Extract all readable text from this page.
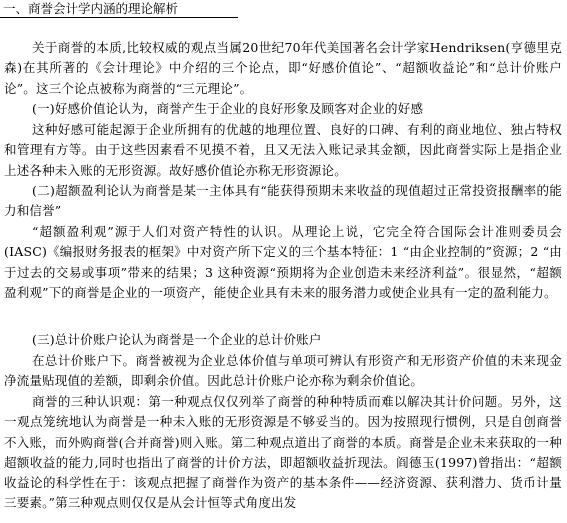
一、商誉会计学内涵的理论解析
关于商誉的本质,比较权威的观点当属20世纪70年代美国著名会计学家Hendriksen(亨德里克森)在其所著的《会计理论》中介绍的三个论点，即“好感价值论”、“超额收益论”和“总计价账户论”。这三个论点被称为商誉的“三元理论”。
(一)好感价值论认为，商誉产生于企业的良好形象及顾客对企业的好感
这种好感可能起源于企业所拥有的优越的地理位置、良好的口碑、有利的商业地位、独占特权和管理有方等。由于这些因素看不见摸不着，且又无法入账记录其金额，因此商誉实际上是指企业上述各种未入账的无形资源。故好感价值论亦称无形资源论。
(二)超额盈利论认为商誉是某一主体具有“能获得预期未来收益的现值超过正常投资报酬率的能力和信誉”
“超额盈利观”源于人们对资产特性的认识。从理论上说，它完全符合国际会计准则委员会(IASC)《编报财务报表的框架》中对资产所下定义的三个基本特征：1 “由企业控制的”资源；2 “由于过去的交易或事项”带来的结果；3 这种资源“预期将为企业创造未来经济利益”。很显然，“超额盈利观”下的商誉是企业的一项资产，能使企业具有未来的服务潜力或使企业具有一定的盈利能力。
(三)总计价账户论认为商誉是一个企业的总计价账户
在总计价账户下。商誉被视为企业总体价值与单项可辨认有形资产和无形资产价值的未来现金净流量贴现值的差额，即剩余价值。因此总计价账户论亦称为剩余价值论。
商誉的三种认识观：第一种观点仅仅列举了商誉的种种特质而难以解决其计价问题。另外，这一观点笼统地认为商誉是一种未入账的无形资源是不够妥当的。因为按照现行惯例，只是自创商誉不入账，而外购商誉(合并商誉)则入账。第二种观点道出了商誉的本质。商誉是企业未来获取的一种超额收益的能力,同时也指出了商誉的计价方法，即超额收益折现法。阎德玉(1997)曾指出：“超额收益论的科学性在于：该观点把握了商誉作为资产的基本条件——经济资源、获利潜力、货币计量三要素。”第三种观点则仅仅是从会计恒等式角度出发
